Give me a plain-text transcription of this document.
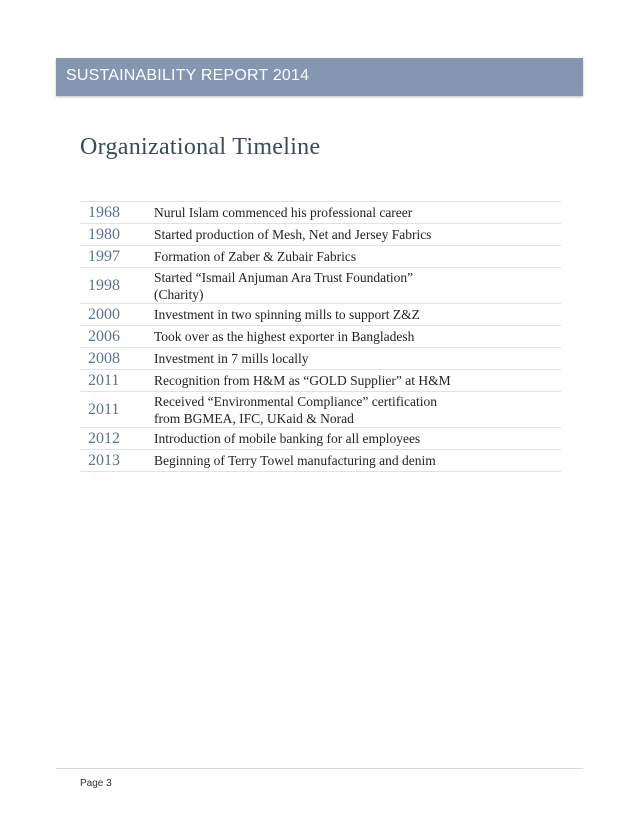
SUSTAINABILITY REPORT 2014
Organizational Timeline
1968	Nurul Islam commenced his professional career
1980	Started production of Mesh, Net and Jersey Fabrics
1997	Formation of Zaber & Zubair Fabrics
1998	Started “Ismail Anjuman Ara Trust Foundation”
(Charity)

2000	Investment in two spinning mills to support Z&Z
2006	Took over as the highest exporter in Bangladesh
2008	Investment in 7 mills locally
2011	Recognition from H&M as “GOLD Supplier” at H&M
2011	Received “Environmental Compliance” certification
from BGMEA, IFC, UKaid & Norad

2012	Introduction of mobile banking for all employees
2013	Beginning of Terry Towel manufacturing and denim
Page 3
